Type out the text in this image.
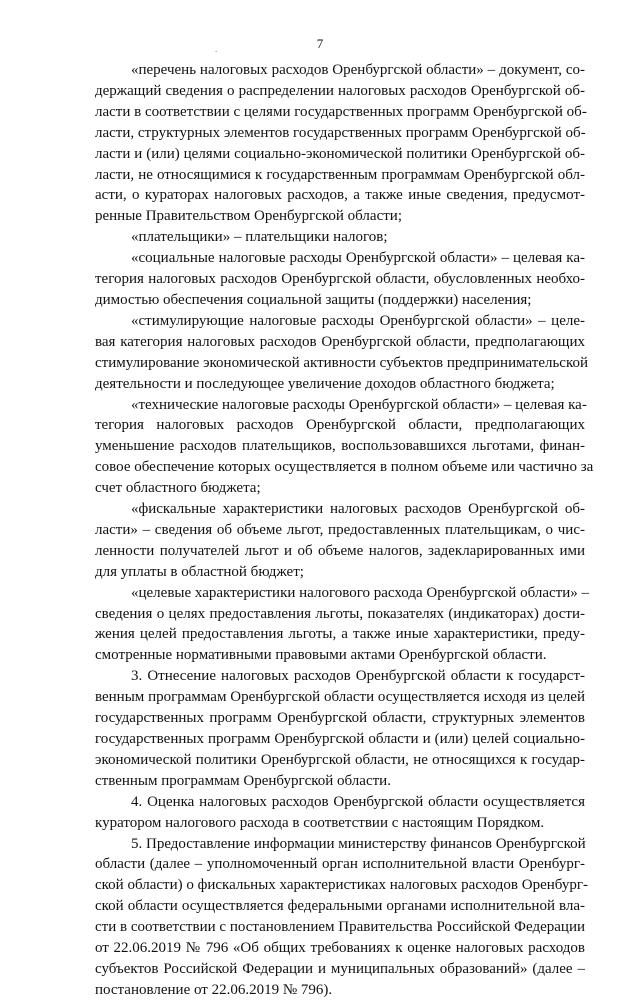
7
.
«перечень налоговых расходов Оренбургской области» – документ, со-
держащий сведения о распределении налоговых расходов Оренбургской об-
ласти в соответствии с целями государственных программ Оренбургской об-
ласти, структурных элементов государственных программ Оренбургской об-
ласти и (или) целями социально-экономической политики Оренбургской об-
ласти, не относящимися к государственным программам Оренбургской обл-
асти, о кураторах налоговых расходов, а также иные сведения, предусмот-
ренные Правительством Оренбургской области;
«плательщики» – плательщики налогов;
«социальные налоговые расходы Оренбургской области» – целевая ка-
тегория налоговых расходов Оренбургской области, обусловленных необхо-
димостью обеспечения социальной защиты (поддержки) населения;
«стимулирующие налоговые расходы Оренбургской области» – целе-
вая категория налоговых расходов Оренбургской области, предполагающих
стимулирование экономической активности субъектов предпринимательской
деятельности и последующее увеличение доходов областного бюджета;
«технические налоговые расходы Оренбургской области» – целевая ка-
тегория налоговых расходов Оренбургской области, предполагающих
уменьшение расходов плательщиков, воспользовавшихся льготами, финан-
совое обеспечение которых осуществляется в полном объеме или частично за
счет областного бюджета;
«фискальные характеристики налоговых расходов Оренбургской об-
ласти» – сведения об объеме льгот, предоставленных плательщикам, о чис-
ленности получателей льгот и об объеме налогов, задекларированных ими
для уплаты в областной бюджет;
«целевые характеристики налогового расхода Оренбургской области» –
сведения о целях предоставления льготы, показателях (индикаторах) дости-
жения целей предоставления льготы, а также иные характеристики, преду-
смотренные нормативными правовыми актами Оренбургской области.
3. Отнесение налоговых расходов Оренбургской области к государст-
венным программам Оренбургской области осуществляется исходя из целей
государственных программ Оренбургской области, структурных элементов
государственных программ Оренбургской области и (или) целей социально-
экономической политики Оренбургской области, не относящихся к государ-
ственным программам Оренбургской области.
4. Оценка налоговых расходов Оренбургской области осуществляется
куратором налогового расхода в соответствии с настоящим Порядком.
5. Предоставление информации министерству финансов Оренбургской
области (далее – уполномоченный орган исполнительной власти Оренбург-
ской области) о фискальных характеристиках налоговых расходов Оренбург-
ской области осуществляется федеральными органами исполнительной вла-
сти в соответствии с постановлением Правительства Российской Федерации
от 22.06.2019 № 796 «Об общих требованиях к оценке налоговых расходов
субъектов Российской Федерации и муниципальных образований» (далее –
постановление от 22.06.2019 № 796).
